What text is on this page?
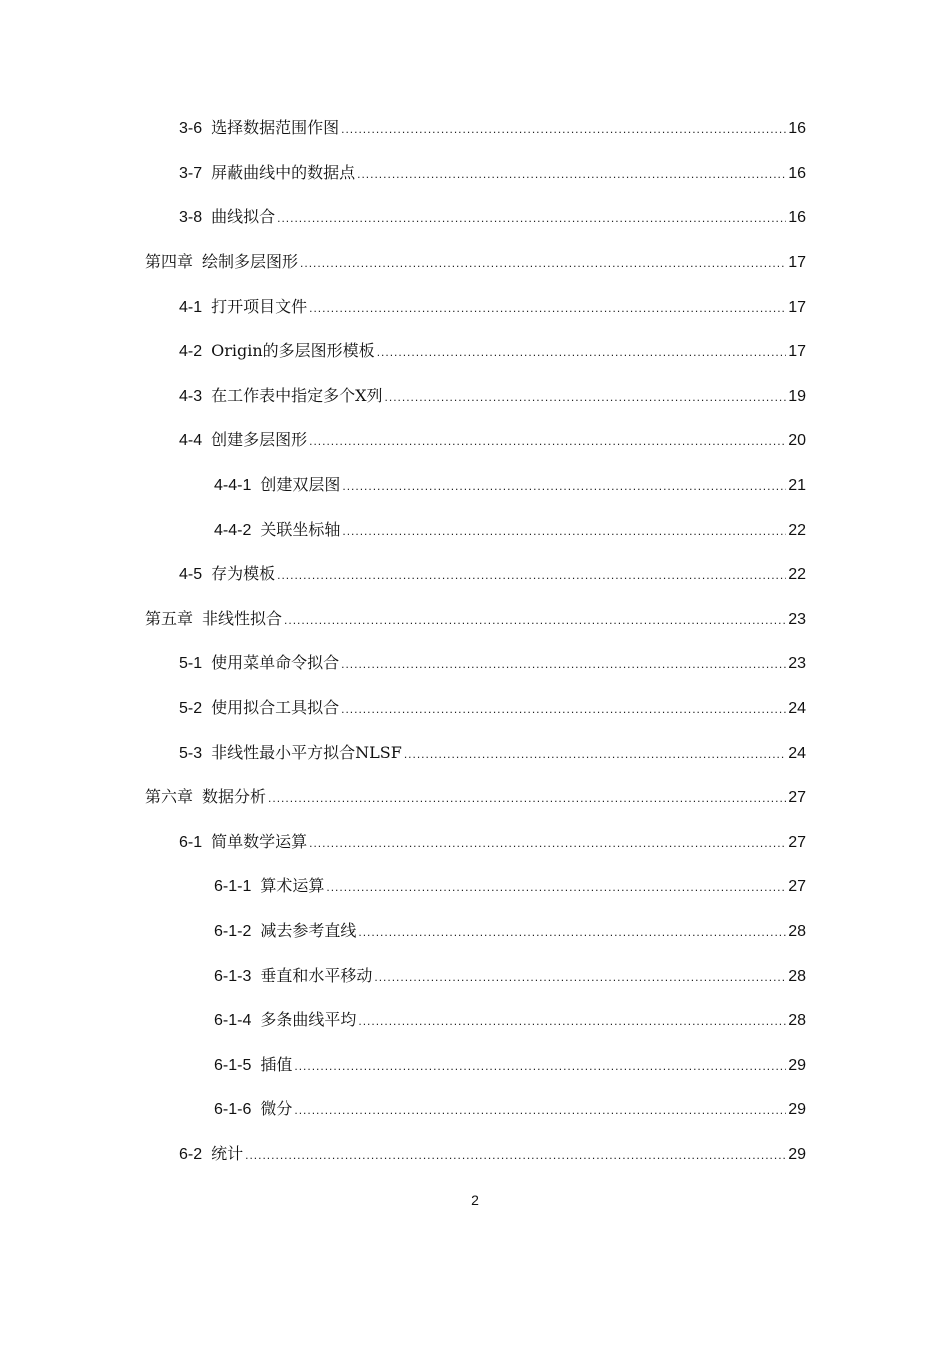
3-6 选择数据范围作图 .....	16
3-7 屏蔽曲线中的数据点 .....	16
3-8 曲线拟合 .....	16
第四章 绘制多层图形 .....	17
4-1 打开项目文件 .....	17
4-2 Origin的多层图形模板 .....	17
4-3 在工作表中指定多个X列 .....	19
4-4 创建多层图形 .....	20
4-4-1 创建双层图 .....	21
4-4-2 关联坐标轴 .....	22
4-5 存为模板 .....	22
第五章 非线性拟合 .....	23
5-1 使用菜单命令拟合 .....	23
5-2 使用拟合工具拟合 .....	24
5-3 非线性最小平方拟合NLSF .....	24
第六章 数据分析 .....	27
6-1 简单数学运算 .....	27
6-1-1 算术运算 .....	27
6-1-2 减去参考直线 .....	28
6-1-3 垂直和水平移动 .....	28
6-1-4 多条曲线平均 .....	28
6-1-5 插值 .....	29
6-1-6 微分 .....	29
6-2 统计 .....	29
2
